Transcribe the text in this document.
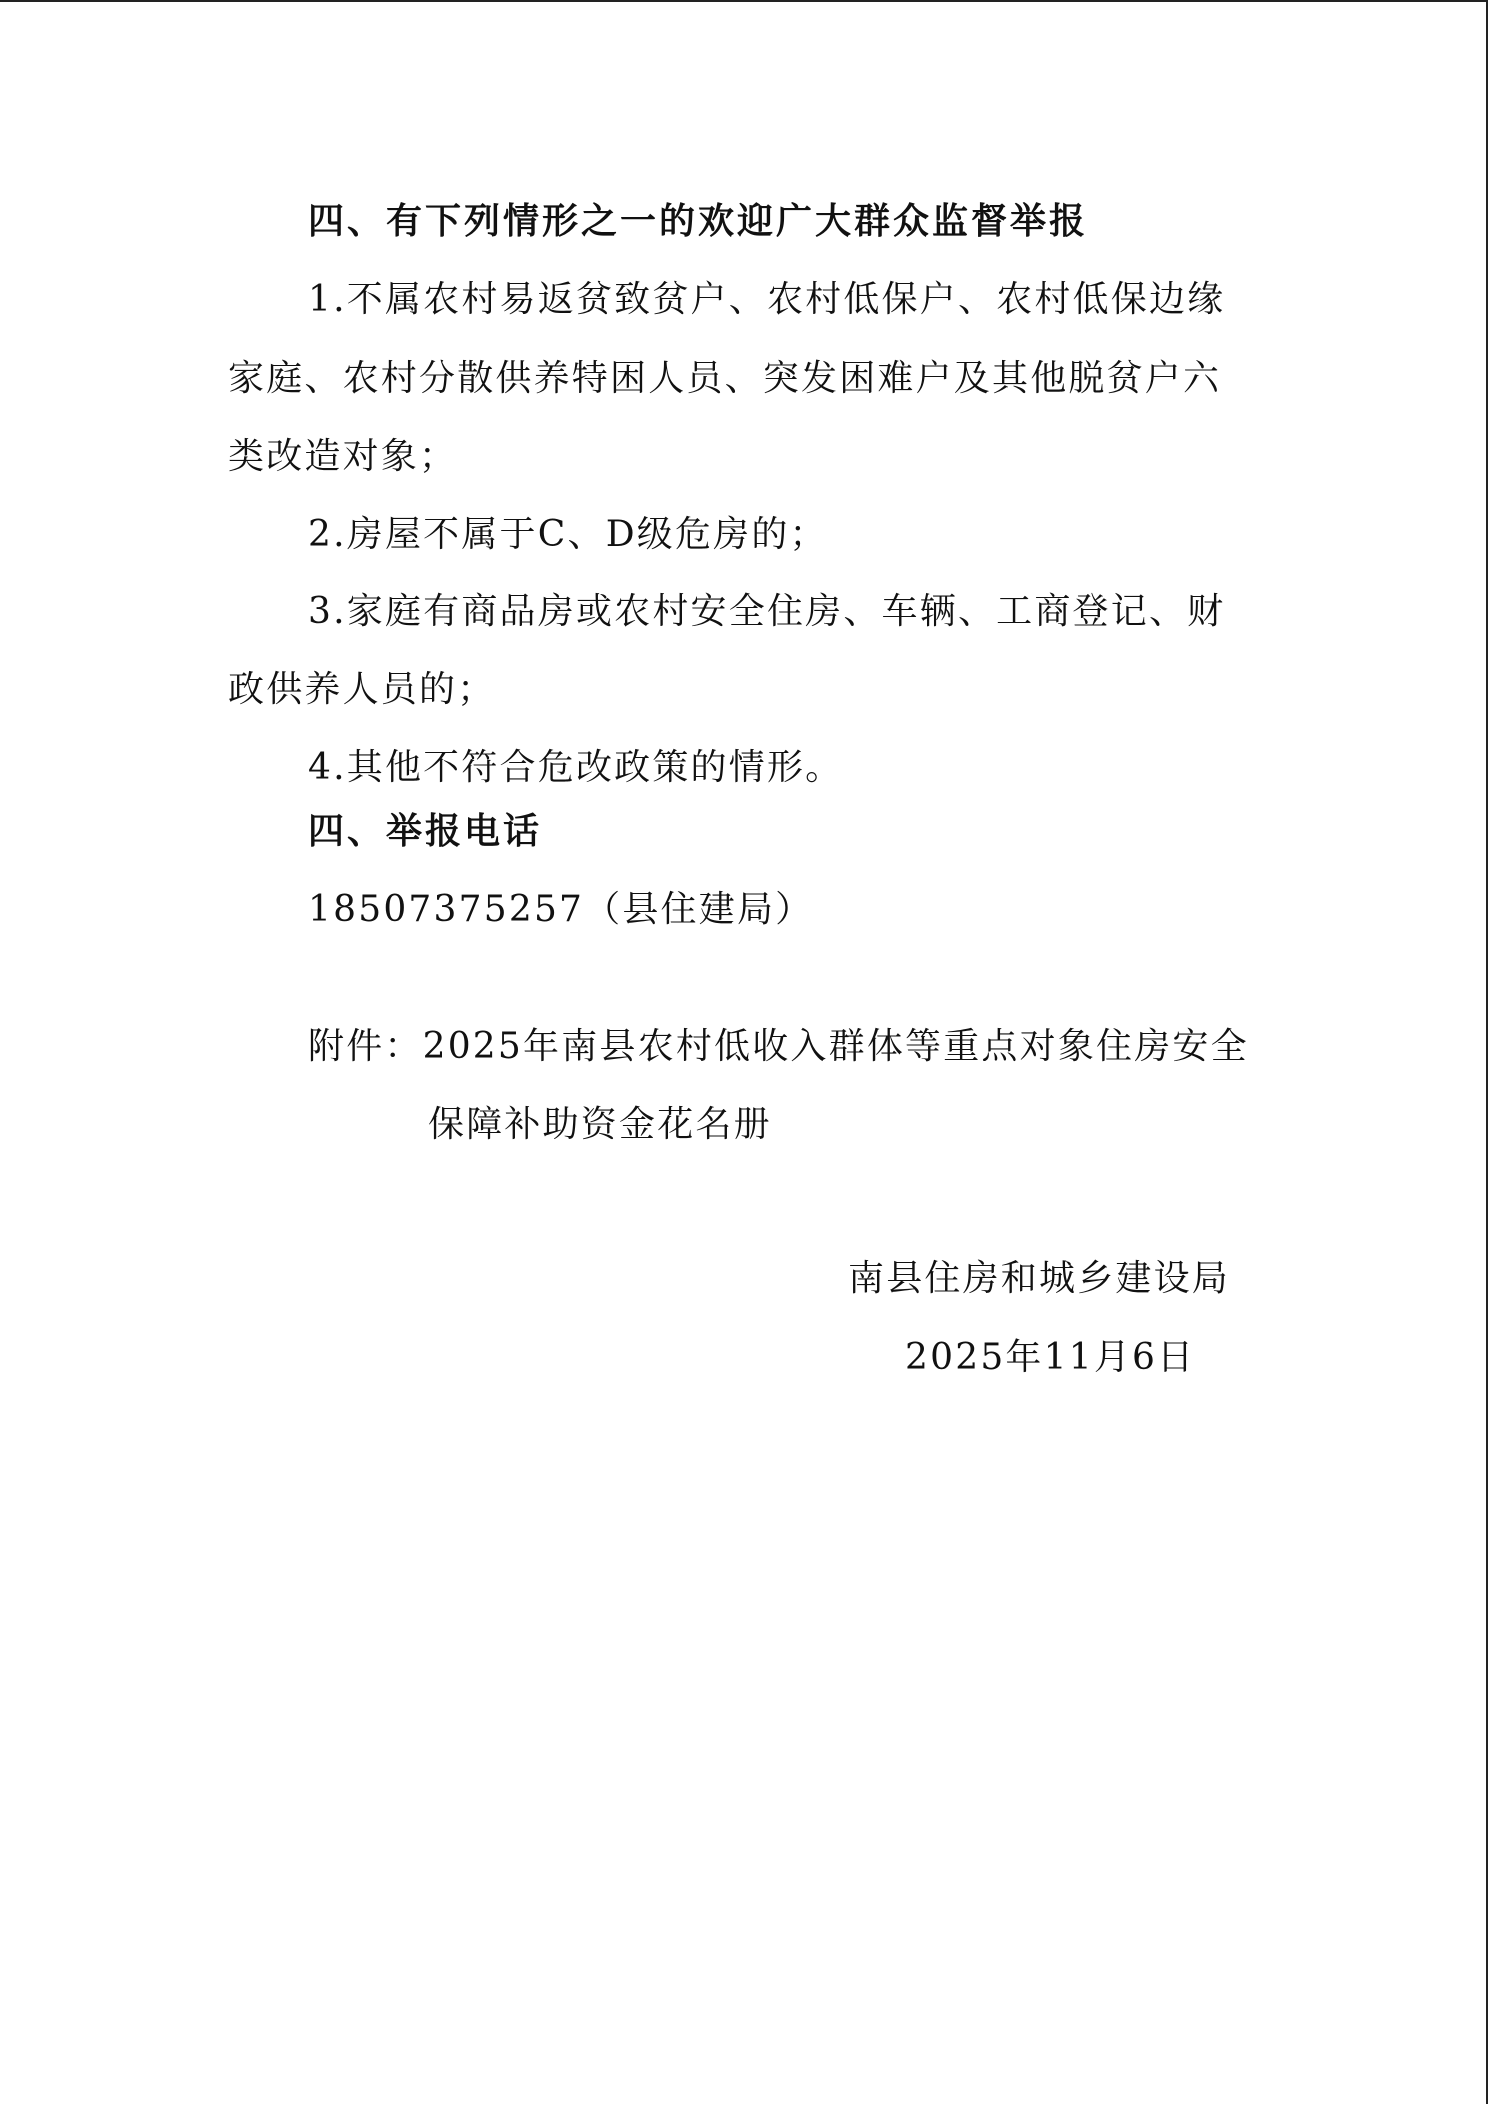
四、有下列情形之一的欢迎广大群众监督举报
1.不属农村易返贫致贫户、农村低保户、农村低保边缘
家庭、农村分散供养特困人员、突发困难户及其他脱贫户六
类改造对象；
2.房屋不属于C、D级危房的；
3.家庭有商品房或农村安全住房、车辆、工商登记、财
政供养人员的；
4.其他不符合危改政策的情形。
四、举报电话
18507375257（县住建局）
附件：2025年南县农村低收入群体等重点对象住房安全
保障补助资金花名册
南县住房和城乡建设局
2025年11月6日
